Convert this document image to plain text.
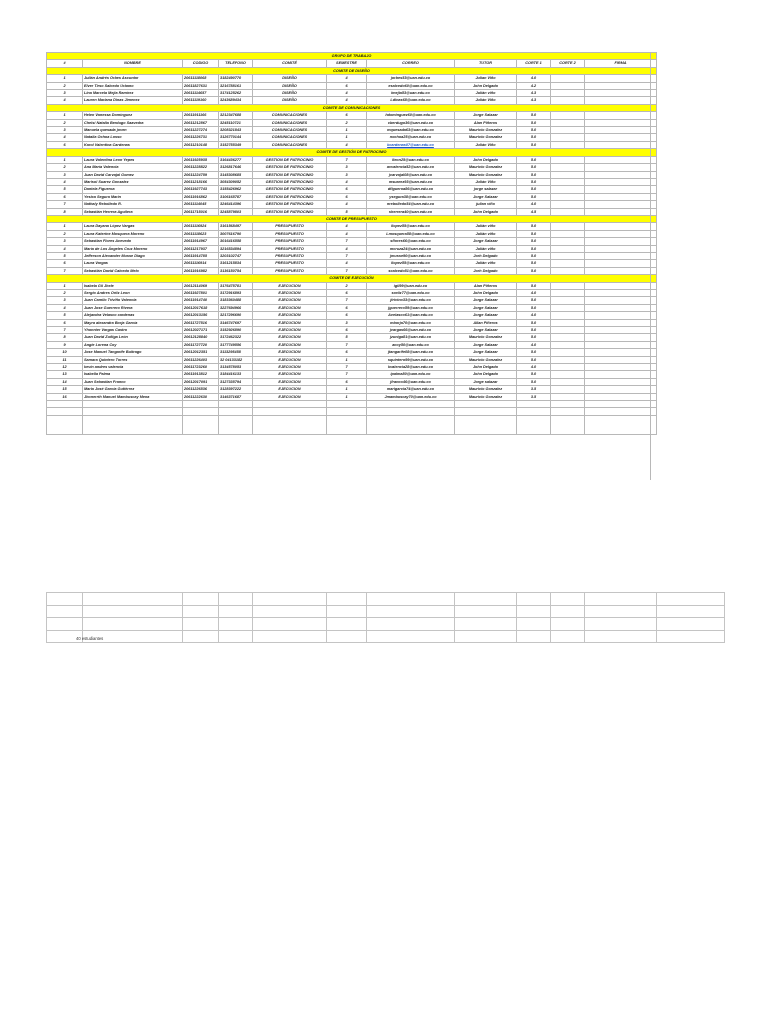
GRUPO DE TRABAJO										
#	NOMBRE	CODIGO	TELEFONO	COMITÉ	SEMESTRE	CORREO	TUTOR	CORTE 1	CORTE 2	FIRMA
COMITE DE DISEÑO										
1	Julián Andrés Orbes Ascuntar	20611118068	3182490770	DISEÑO	4	jorbes53@uan.edu.co	Julian Viño	4.0		
2	Elver Tirso Salcedo Urbano	20611827631	3216788161	DISEÑO	6	esalcedo60@uan.edu.co	John Delgado	4.2		
3	Lina Marcela Mejía Ramírez	20611114657	3174125262	DISEÑO	4	lmejia53@uan.edu.co	Julián viño	4.3		
4	Lauren Mariana Dinas Jimenez	20611119160	3243689434	DISEÑO	4	Ldinas68@uan.edu.co	Julián Viño	4.3		
COMITE DE COMUNICACIONES										
1	Helen Vanessa Domínguez	20611911166	3212347688	COMUNICACIONES	6	hdominguez60@uan.edu.co	Jorge Salazar	5.0		
2	Chelsi Natalia Berdugo Saavedra	20611212867	3245110721	COMUNICACIONES	2	cberdugo36@uan.edu.co	Alan Piñeros	5.0		
3	Manuela quesada joven	20611227274	3208321843	COMUNICACIONES	1	mquesada63@uan.edu.co	Mauricio Gonzalez	5.0		
4	Natalia Ochoa Losso	20611226731	3126770144	COMUNICACIONES	1	nochoa25@uan.edu.co	Mauricio Gonzalez	5.0		
6	Karol Valentina Cardenas	20611210148	3152755349	COMUNICACIONES	4	kcardenas07@uan.edu.co	Julián Viño	5.0		
COMITE DE GESTIÓN DE PATROCINIO										
1	Laura Valentina Leon Yepes	20611925935	3164436277	GESTION DE PATROCINIO	7	lleon25@uan.edu.co	John Delgado	5.0		
2	Ana María Valencia	20611228822	3126817646	GESTION DE PATROCINIO	3	avvalencia52@uan.edu.co	Mauricio Gonzalez	5.0		
3	Juan David Carvajal Gomez	20611224759	3145308685	GESTION DE PATROCINIO	3	jcarvajal08@uan.edu.co	Mauricio Gonzalez	5.0		
4	Marisol Suarez Gonzalez	20611218166	3054309052	GESTION DE PATROCINIO	4	msuarez93@uan.edu.co	Julián Viño	5.0		
5	Daniela Figueroa	20611927743	3155426962	GESTION DE PATROCINIO	6	dfigueroa86@uan.edu.co	jorge salazar	5.0		
6	Yesica Segura Marin	20611916862	3106165787	GESTION DE PATROCINIO	6	ysegura38@uan.edu.co	Jorge Salazar	5.0		
7	Nathaly Rebolledo R.	20611114045	3246414396	GESTION DE PATROCINIO	4	nrebolledo54@uan.edu.co	julian viño	4.0		
8	Sebastián Herrera Aguilera	20611715016	3245879803	GESTION DE PATROCINIO	5	sherrera40@uan.edu.co	John Delgado	4.5		
COMITE DE PRESUPUESTO										
1	Laura Dayana López Vargas	20611116924	3161568497	PRESUPUESTO	4	llopez55@uan.edu.co	Julián viño	5.0		
2	Laura Katerine Mosquera Moreno	20611118623	3007616790	PRESUPUESTO	4	Lmosquera58@uan.edu.co	Julián viño	5.0		
3	Sebastian Flores Acevedo	20611914967	3016416558	PRESUPUESTO	7	sflores66@uan.edu.co	Jorge Salazar	5.0		
4	María de Los Ángeles Cruz Moreno	20611217937	3216534894	PRESUPUESTO	4	mcruza24@uan.edu.co	Julián viño	5.0		
5	Jefferson Alexander Musse Diago	20611914785	3203102747	PRESUPUESTO	7	jmusse90@uan.edu.co	Jorh Delgado	5.0		
6	Laura Vargas	20611116914	3161215834	PRESUPUESTO	4	llopez55@uan.edu.co	Julián viño	5.0		
7	Sebastián David Calcedo Melo	20611916982	3136150754	PRESUPUESTO	7	scalcedo51@uan.edu.co	Jorh Delgado	5.0		
COMITE DE EJECUCIÓN										
1	Isabela Gil Jhele	20612114069	3176475781	EJECUCION	2	igil99@uan.edu.co	Alan Piñeros	5.0		
2	Sergio Andres Ortiz Leon	20611927801	3172916893	EJECUCION	6	sortiz77@uan.edu.co	John Delgado	4.0		
3	Juan Camilo Triviño Valencia	20611914740	3183360488	EJECUCION	7	jtrivino33@uan.edu.co	Jorge Salazar	5.0		
4	Juan Jose Guerrero Rivera	20612017618	3227694966	EJECUCION	6	jguerrero59@uan.edu.co	Jorge Salazar	5.0		
5	Alejandra Velasco cardenas	20612013156	3217296690	EJECUCION	6	Avelasco61@uan.edu.co	Jorge Salazar	4.0		
6	Mayra alexandra Borja García	20611727516	3146747697	EJECUCION	3	mborja70@uan.edu.co	Allan Piñeros	5.0		
7	Yhonnier Vargas Castro	20612027171	3152926890	EJECUCION	6	jvargas66@uan.edu.co	Jorge Salazar	5.0		
8	Juan David Zuñiga León	20612128840	3172462322	EJECUCION	5	jzuniga81@uan.edu.co	Mauricio Gonzalez	5.0		
9	Angie Lorena Coy	20611727720	3177749556	EJECUCION	7	acoy50@uan.edu.co	Jorge Salazar	4.0		
10	Jose Manuel Tangarife Buitrago	20612012351	3113295458	EJECUCION	6	jtangarife08@uan.edu.co	Jorge Salazar	5.0		
11	Samara Quintero Torres	20611226403	32 04133182	EJECUCION	1	squintero99@uan.edu.co	Mauricio Gonzalez	5.0		
12	kevin andres valencia	20611723260	3134578053	EJECUCION	7	kvalencia28@uan.edu.co	John Delgado	4.0		
13	Isabella Palma	20611913812	3184416133	EJECUCION	7	ipalma80@uan.edu.co	John Delgado	5.0		
14	Juan Sebastian Franco	20612017091	3127335794	EJECUCION	6	jfranco46@uan.edu.co	Jorge salazar	5.0		
15	Maria José García Gutiérrez	20611226536	3128397222	EJECUCION	1	marigarcia74@uan.edu.co	Mauricio Gonzalez	3.5		
16	Jhonerrth Manuel Mambuscay Mena	20611222630	3146371687	EJECUCION	1	Jmambuscay70@uan.edu.co	Mauricio Gonzalez	3.5		

40 estudiantes
